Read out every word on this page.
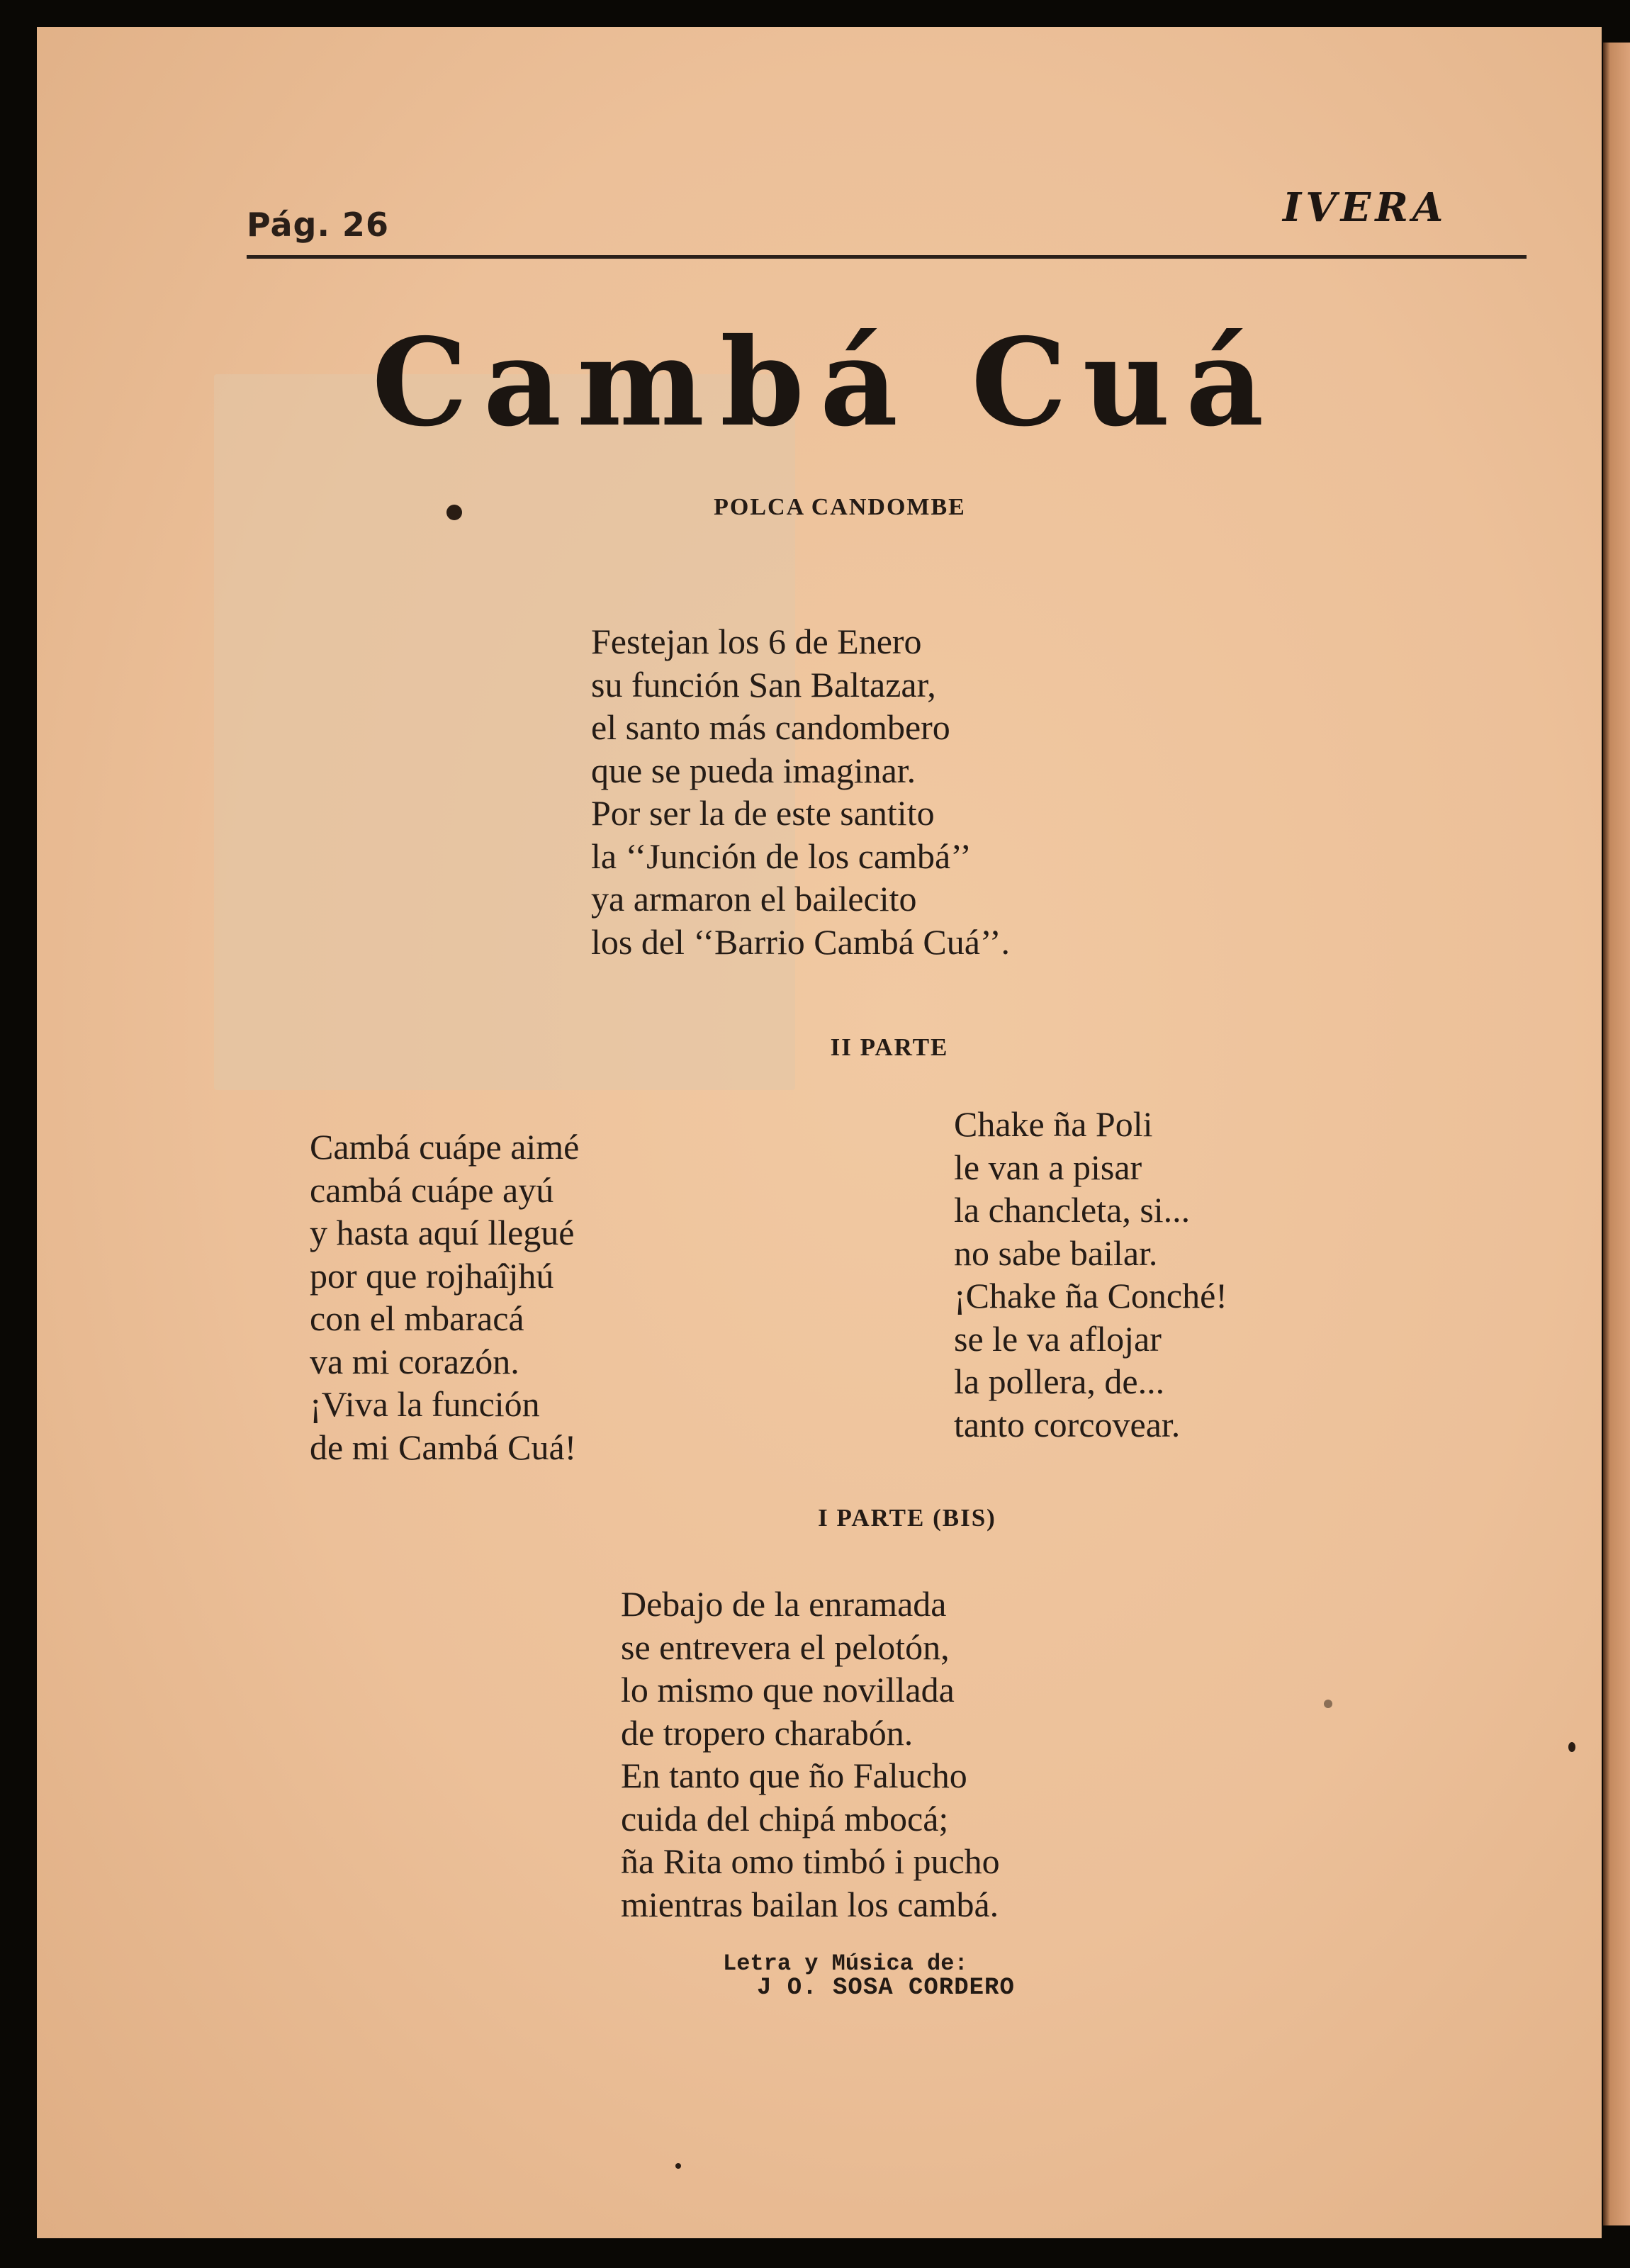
Pág. 26	IVERA

Cambá Cuá

POLCA CANDOMBE

Festejan los 6 de Enero
su función San Baltazar,
el santo más candombero
que se pueda imaginar.
Por ser la de este santito
la ‘‘Junción de los cambá’’
ya armaron el bailecito
los del ‘‘Barrio Cambá Cuá’’.

II PARTE

Cambá cuápe aimé
cambá cuápe ayú
y hasta aquí llegué
por que rojhaîjhú
con el mbaracá
va mi corazón.
¡Viva la función
de mi Cambá Cuá!
Chake ña Poli
le van a pisar
la chancleta, si...
no sabe bailar.
¡Chake ña Conché!
se le va aflojar
la pollera, de...
tanto corcovear.

I PARTE (BIS)

Debajo de la enramada
se entrevera el pelotón,
lo mismo que novillada
de tropero charabón.
En tanto que ño Falucho
cuida del chipá mbocá;
ña Rita omo timbó i pucho
mientras bailan los cambá.

Letra y Música de:

J O. SOSA CORDERO
